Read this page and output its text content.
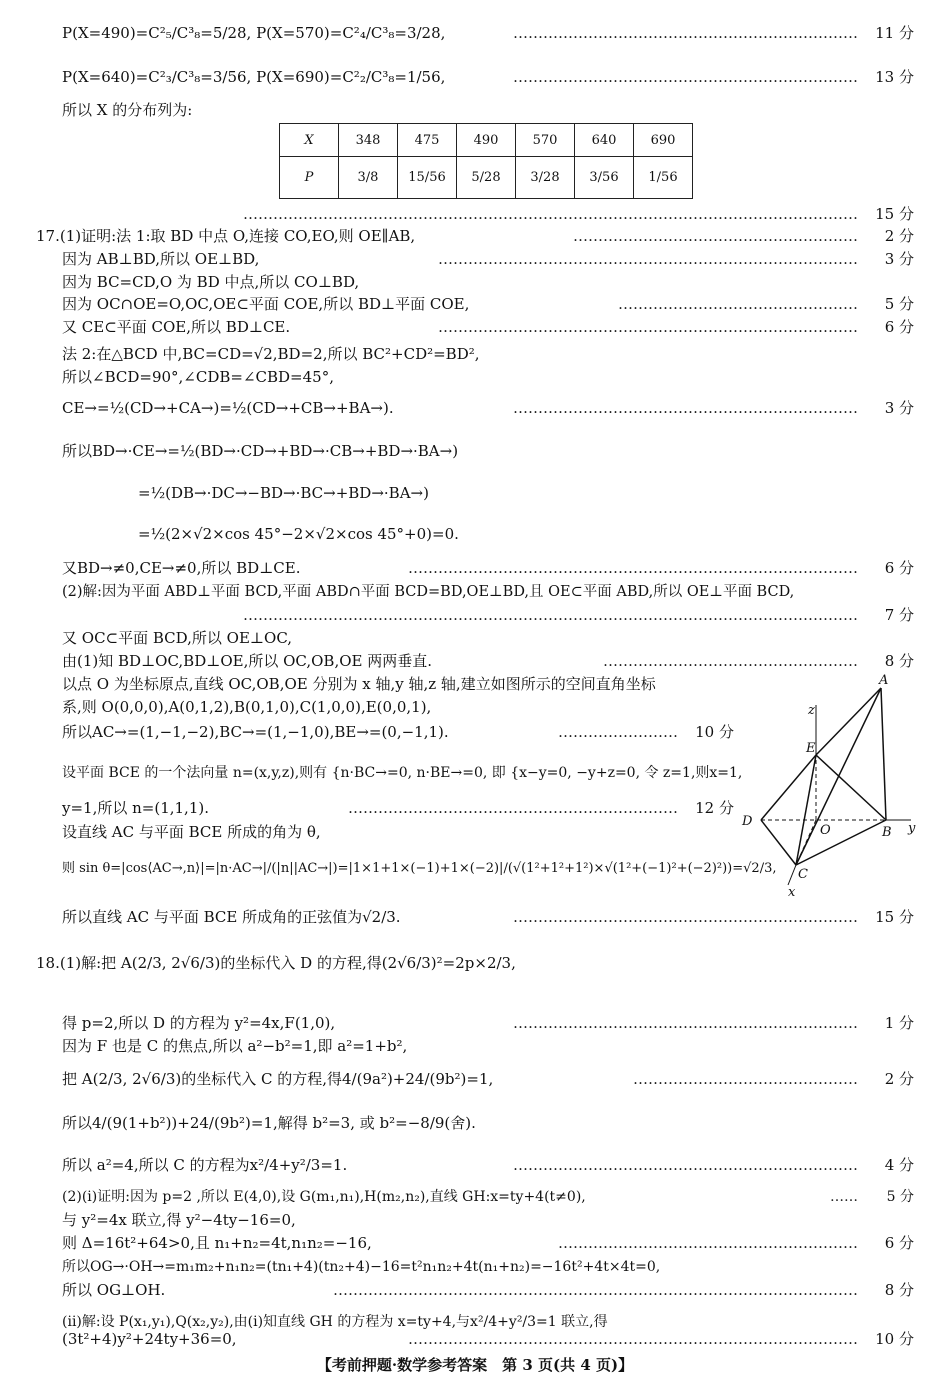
P(X=490)=C²₅/C³₈=5/28, P(X=570)=C²₄/C³₈=3/28,	…………………………………………………………… 11 分
P(X=640)=C²₃/C³₈=3/56, P(X=690)=C²₂/C³₈=1/56,	…………………………………………………………… 13 分
所以 X 的分布列为:
X	348	475	490	570	640	690
P	3/8	15/56	5/28	3/28	3/56	1/56
…………………………………………………………………………………………………………… 15 分
17.(1)证明:法 1:取 BD 中点 O,连接 CO,EO,则 OE∥AB,	………………………………………………… 2 分
因为 AB⊥BD,所以 OE⊥BD,	………………………………………………………………………… 3 分
因为 BC=CD,O 为 BD 中点,所以 CO⊥BD,
因为 OC∩OE=O,OC,OE⊂平面 COE,所以 BD⊥平面 COE,	………………………………………… 5 分
又 CE⊂平面 COE,所以 BD⊥CE.	………………………………………………………………………… 6 分
法 2:在△BCD 中,BC=CD=√2,BD=2,所以 BC²+CD²=BD²,
所以∠BCD=90°,∠CDB=∠CBD=45°,
CE→=½(CD→+CA→)=½(CD→+CB→+BA→).	…………………………………………………………… 3 分
所以BD→·CE→=½(BD→·CD→+BD→·CB→+BD→·BA→)
=½(DB→·DC→−BD→·BC→+BD→·BA→)
=½(2×√2×cos 45°−2×√2×cos 45°+0)=0.
又BD→≠0,CE→≠0,所以 BD⊥CE.	……………………………………………………………………………… 6 分
(2)解:因为平面 ABD⊥平面 BCD,平面 ABD∩平面 BCD=BD,OE⊥BD,且 OE⊂平面 ABD,所以 OE⊥平面 BCD,
…………………………………………………………………………………………………………… 7 分
又 OC⊂平面 BCD,所以 OE⊥OC,
由(1)知 BD⊥OC,BD⊥OE,所以 OC,OB,OE 两两垂直.	…………………………………………… 8 分
以点 O 为坐标原点,直线 OC,OB,OE 分别为 x 轴,y 轴,z 轴,建立如图所示的空间直角坐标
系,则 O(0,0,0),A(0,1,2),B(0,1,0),C(1,0,0),E(0,0,1),
所以AC→=(1,−1,−2),BC→=(1,−1,0),BE→=(0,−1,1).	…………………… 10 分
设平面 BCE 的一个法向量 n=(x,y,z),则有 {n·BC→=0, n·BE→=0, 即 {x−y=0, −y+z=0, 令 z=1,则x=1,
y=1,所以 n=(1,1,1).	………………………………………………………… 12 分
设直线 AC 与平面 BCE 所成的角为 θ,
则 sin θ=|cos⟨AC→,n⟩|=|n·AC→|/(|n||AC→|)=|1×1+1×(−1)+1×(−2)|/(√(1²+1²+1²)×√(1²+(−1)²+(−2)²))=√2/3,
所以直线 AC 与平面 BCE 所成角的正弦值为√2/3.	…………………………………………………………… 15 分
18.(1)解:把 A(2/3, 2√6/3)的坐标代入 D 的方程,得(2√6/3)²=2p×2/3,
得 p=2,所以 D 的方程为 y²=4x,F(1,0),	…………………………………………………………… 1 分
因为 F 也是 C 的焦点,所以 a²−b²=1,即 a²=1+b²,
把 A(2/3, 2√6/3)的坐标代入 C 的方程,得4/(9a²)+24/(9b²)=1,	……………………………………… 2 分
所以4/(9(1+b²))+24/(9b²)=1,解得 b²=3, 或 b²=−8/9(舍).
所以 a²=4,所以 C 的方程为x²/4+y²/3=1.	…………………………………………………………… 4 分
(2)(ⅰ)证明:因为 p=2 ,所以 E(4,0),设 G(m₁,n₁),H(m₂,n₂),直线 GH:x=ty+4(t≠0),	…… 5 分
与 y²=4x 联立,得 y²−4ty−16=0,
则 Δ=16t²+64>0,且 n₁+n₂=4t,n₁n₂=−16,	…………………………………………………… 6 分
所以OG→·OH→=m₁m₂+n₁n₂=(tn₁+4)(tn₂+4)−16=t²n₁n₂+4t(n₁+n₂)=−16t²+4t×4t=0,
所以 OG⊥OH.	…………………………………………………………………………………………… 8 分
(ⅱ)解:设 P(x₁,y₁),Q(x₂,y₂),由(ⅰ)知直线 GH 的方程为 x=ty+4,与x²/4+y²/3=1 联立,得
(3t²+4)y²+24ty+36=0,	……………………………………………………………………………… 10 分
A
E
z
D
O	B y
C
x
【考前押题·数学参考答案　第 3 页(共 4 页)】
